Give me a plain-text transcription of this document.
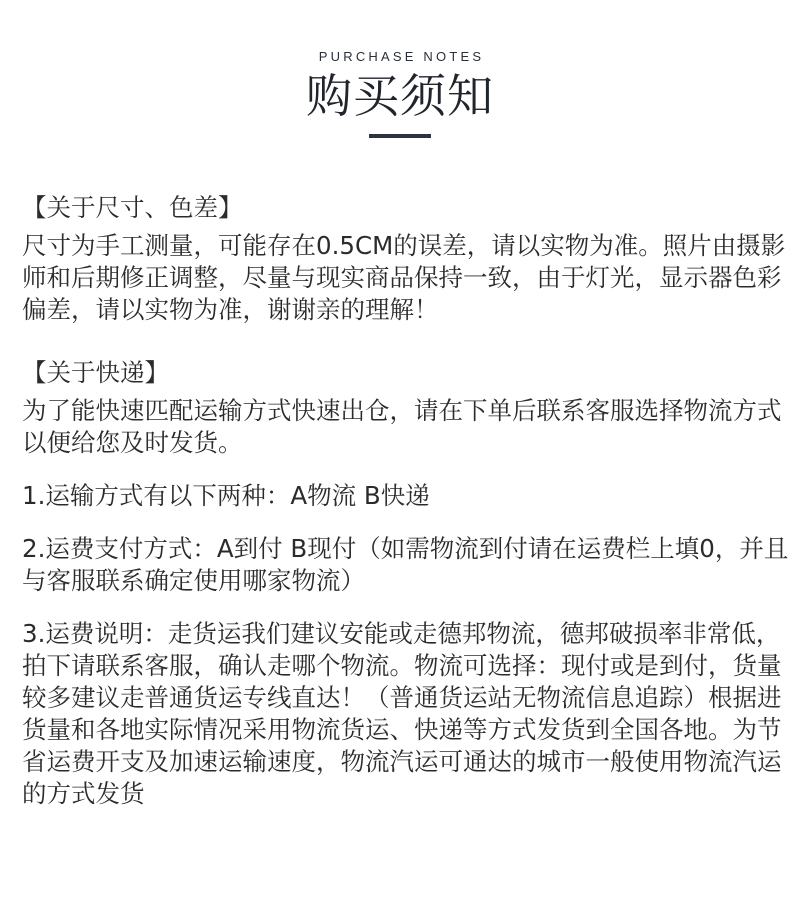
PURCHASE NOTES
购买须知

【关于尺寸、色差】

尺寸为手工测量，可能存在0.5CM的误差，请以实物为准。照片由摄影师和后期修正调整，尽量与现实商品保持一致，由于灯光，显示器色彩偏差，请以实物为准，谢谢亲的理解！

【关于快递】

为了能快速匹配运输方式快速出仓，请在下单后联系客服选择物流方式以便给您及时发货。

1.运输方式有以下两种：A物流 B快递

2.运费支付方式：A到付 B现付（如需物流到付请在运费栏上填0，并且与客服联系确定使用哪家物流）

3.运费说明：走货运我们建议安能或走德邦物流，德邦破损率非常低，拍下请联系客服，确认走哪个物流。物流可选择：现付或是到付，货量较多建议走普通货运专线直达！（普通货运站无物流信息追踪）根据进货量和各地实际情况采用物流货运、快递等方式发货到全国各地。为节省运费开支及加速运输速度，物流汽运可通达的城市一般使用物流汽运的方式发货
